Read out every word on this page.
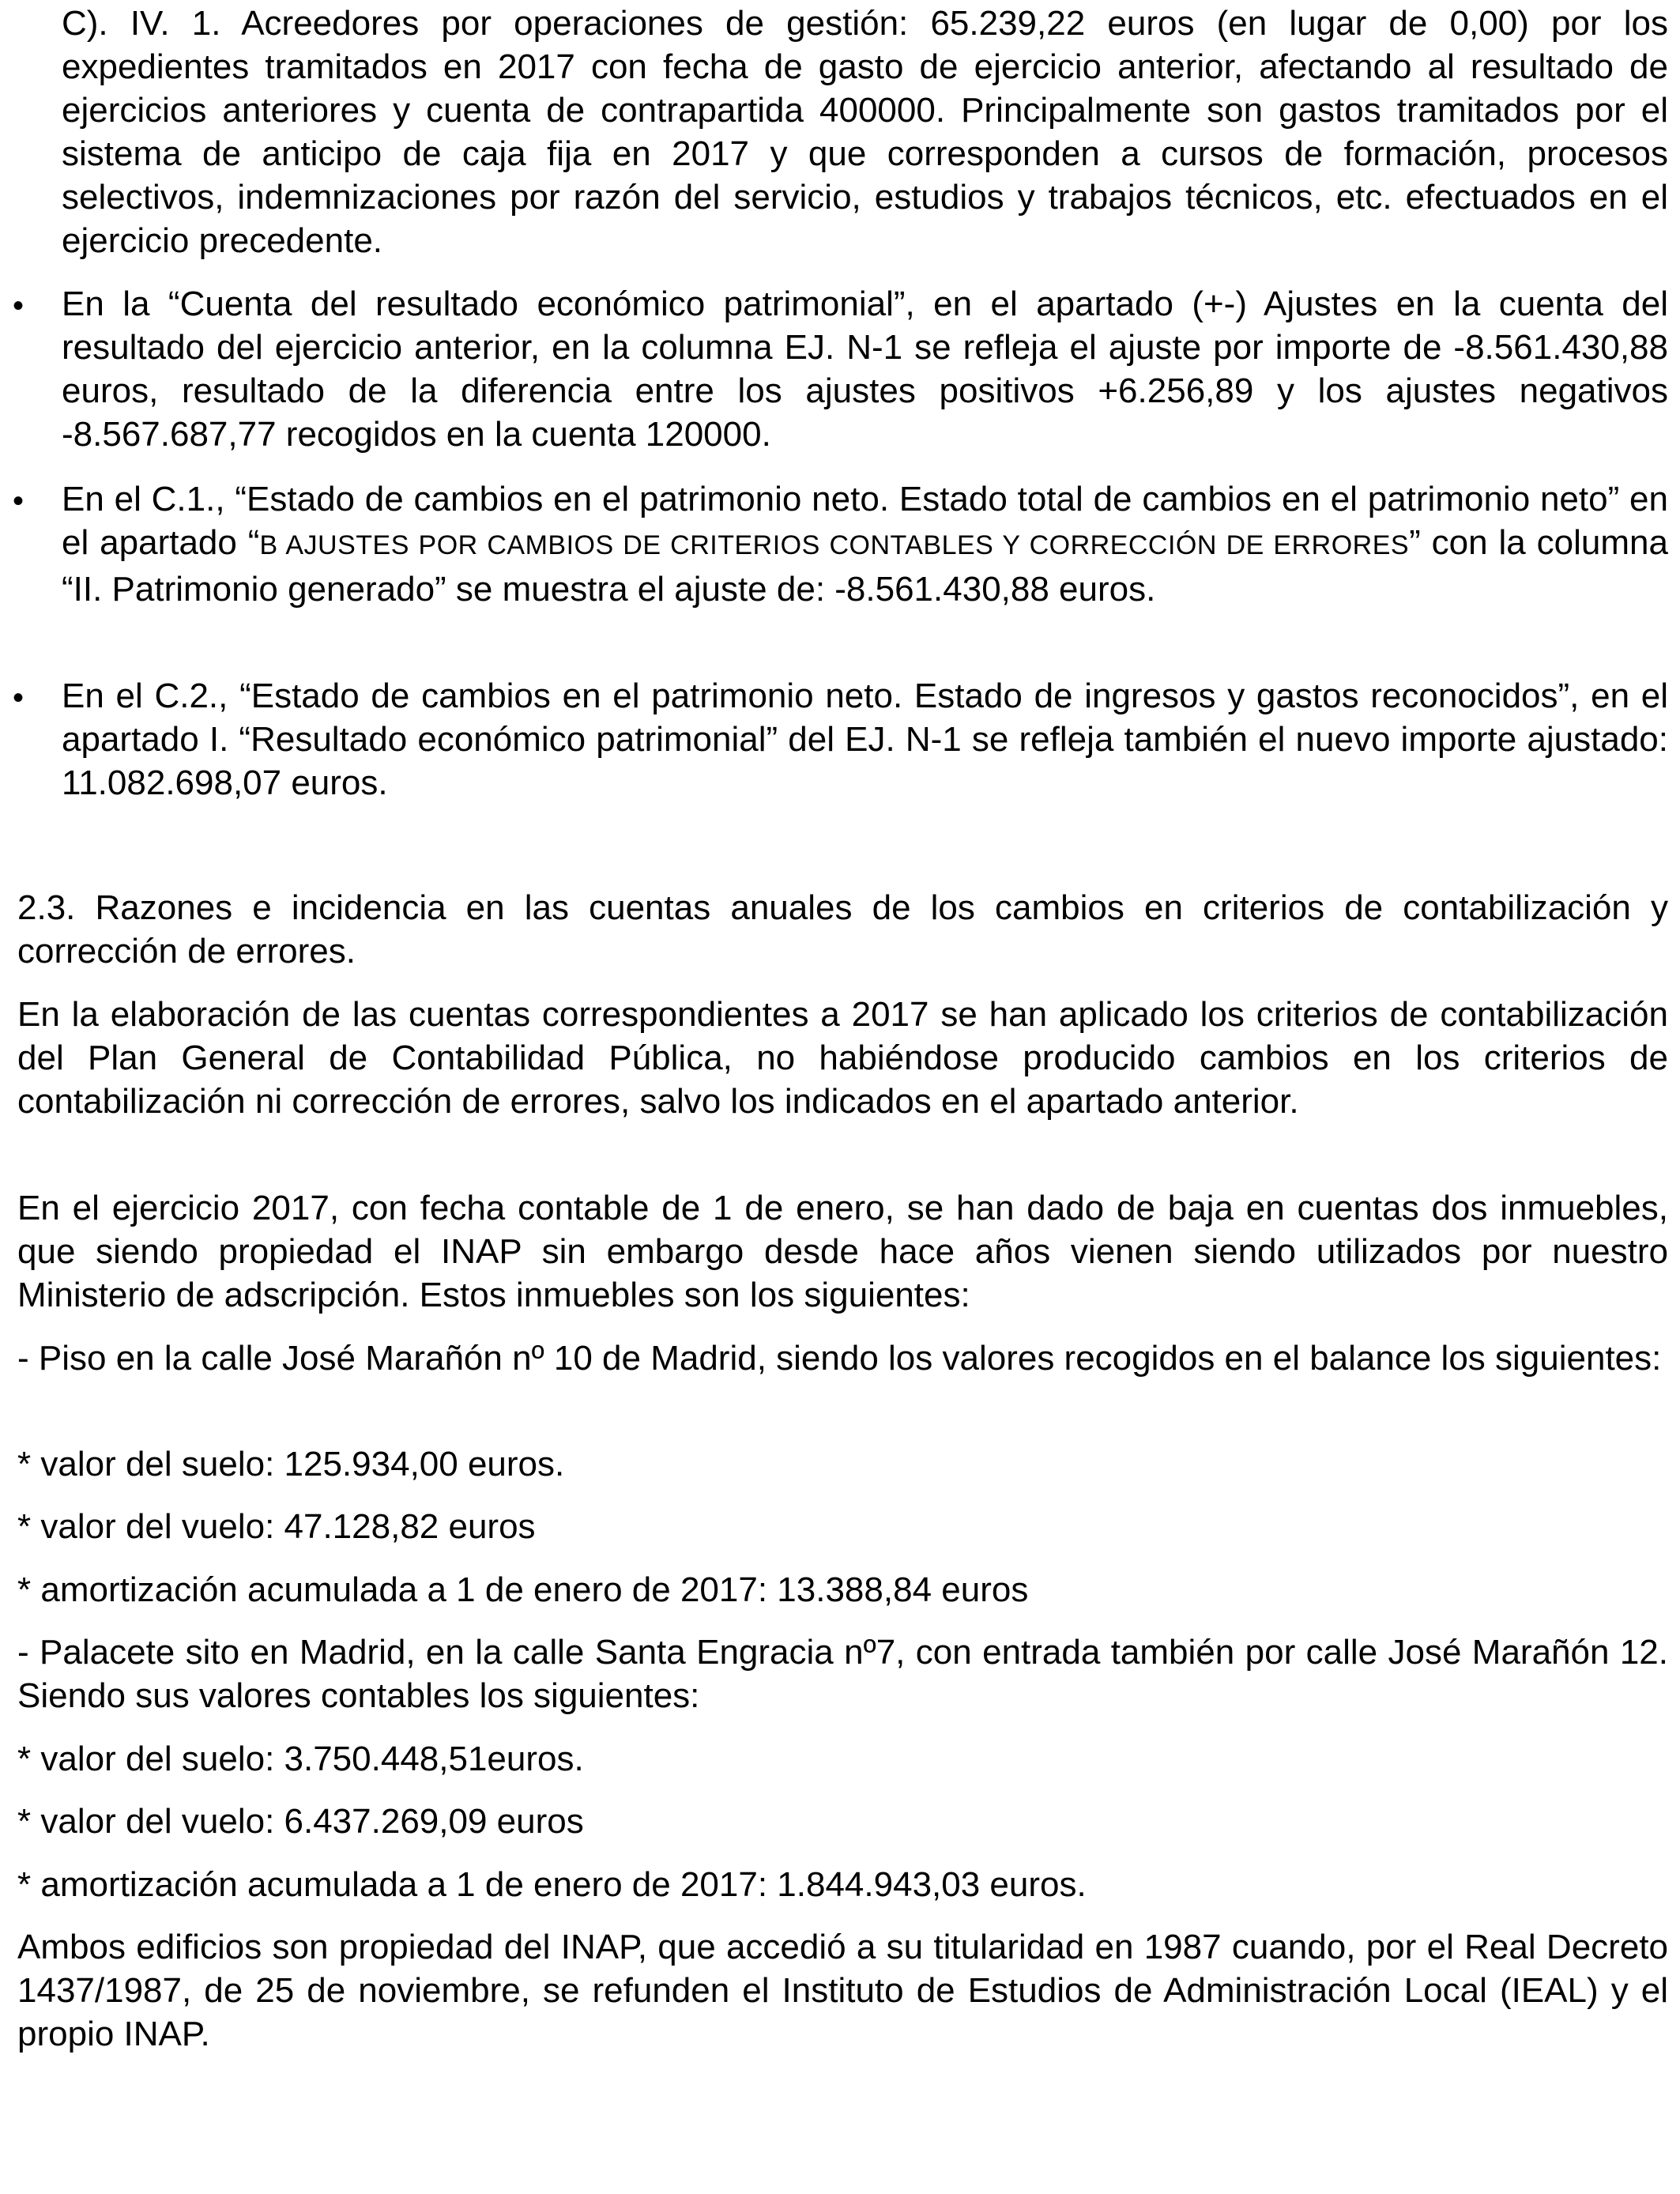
C). IV. 1. Acreedores por operaciones de gestión: 65.239,22 euros (en lugar de 0,00) por los expedientes tramitados en 2017 con fecha de gasto de ejercicio anterior, afectando al resultado de ejercicios anteriores y cuenta de contrapartida 400000. Principalmente son gastos tramitados por el sistema de anticipo de caja fija en 2017 y que corresponden a cursos de formación, procesos selectivos, indemnizaciones por razón del servicio, estudios y trabajos técnicos, etc. efectuados en el ejercicio precedente.

• En la “Cuenta del resultado económico patrimonial”, en el apartado (+-) Ajustes en la cuenta del resultado del ejercicio anterior, en la columna EJ. N-1 se refleja el ajuste por importe de -8.561.430,88 euros, resultado de la diferencia entre los ajustes positivos +6.256,89 y los ajustes negativos -8.567.687,77 recogidos en la cuenta 120000.

• En el C.1., “Estado de cambios en el patrimonio neto. Estado total de cambios en el patrimonio neto” en el apartado “B AJUSTES POR CAMBIOS DE CRITERIOS CONTABLES Y CORRECCIÓN DE ERRORES” con la columna “II. Patrimonio generado” se muestra el ajuste de: -8.561.430,88 euros.

• En el C.2., “Estado de cambios en el patrimonio neto. Estado de ingresos y gastos reconocidos”, en el apartado I. “Resultado económico patrimonial” del EJ. N-1 se refleja también el nuevo importe ajustado: 11.082.698,07 euros.

2.3. Razones e incidencia en las cuentas anuales de los cambios en criterios de contabilización y corrección de errores.

En la elaboración de las cuentas correspondientes a 2017 se han aplicado los criterios de contabilización del Plan General de Contabilidad Pública, no habiéndose producido cambios en los criterios de contabilización ni corrección de errores, salvo los indicados en el apartado anterior.

En el ejercicio 2017, con fecha contable de 1 de enero, se han dado de baja en cuentas dos inmuebles, que siendo propiedad el INAP sin embargo desde hace años vienen siendo utilizados por nuestro Ministerio de adscripción. Estos inmuebles son los siguientes:

- Piso en la calle José Marañón nº 10 de Madrid, siendo los valores recogidos en el balance los siguientes:

* valor del suelo: 125.934,00 euros.

* valor del vuelo: 47.128,82 euros

* amortización acumulada a 1 de enero de 2017: 13.388,84 euros

- Palacete sito en Madrid, en la calle Santa Engracia nº7, con entrada también por calle José Marañón 12. Siendo sus valores contables los siguientes:

* valor del suelo: 3.750.448,51euros.

* valor del vuelo: 6.437.269,09 euros

* amortización acumulada a 1 de enero de 2017: 1.844.943,03 euros.

Ambos edificios son propiedad del INAP, que accedió a su titularidad en 1987 cuando, por el Real Decreto 1437/1987, de 25 de noviembre, se refunden el Instituto de Estudios de Administración Local (IEAL) y el propio INAP.
